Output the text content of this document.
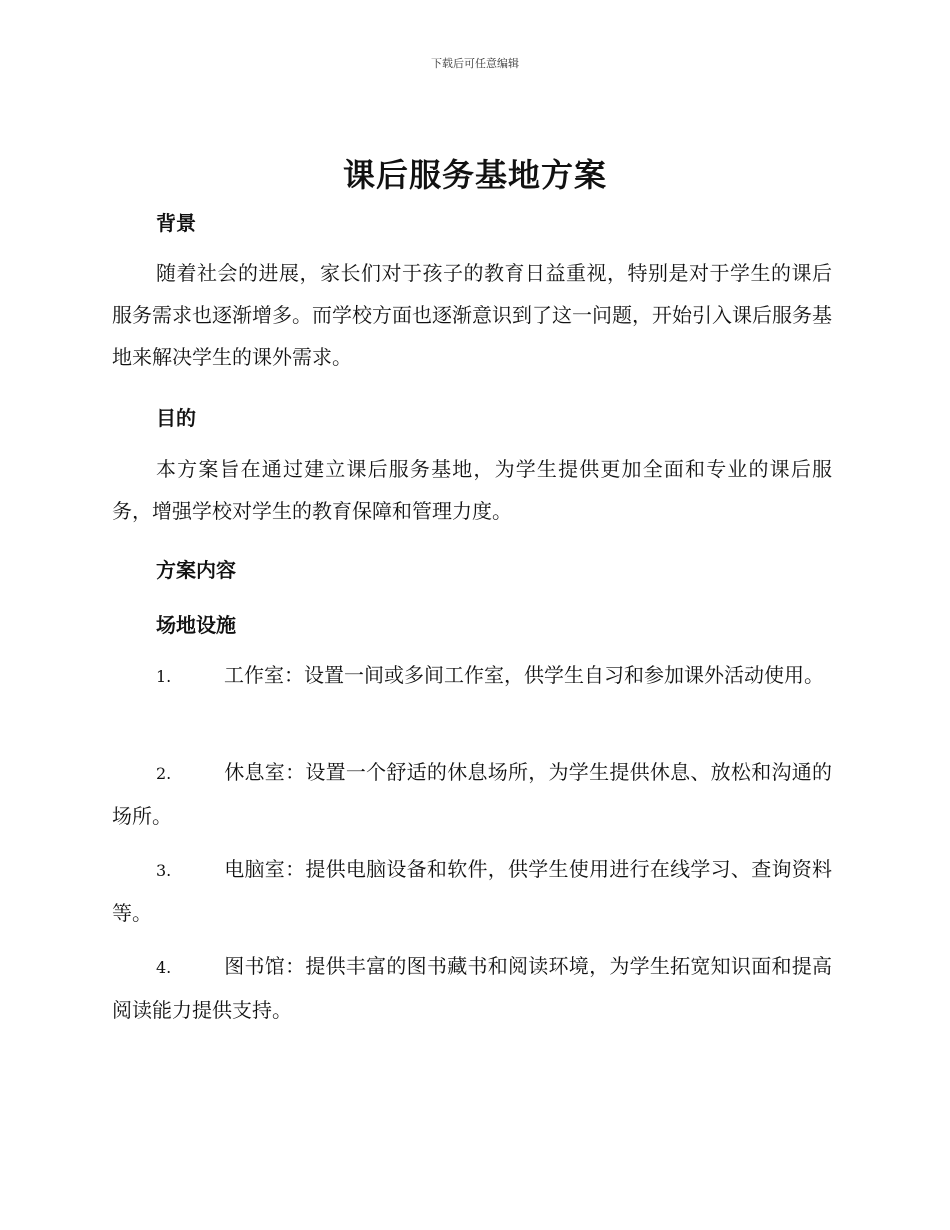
下载后可任意编辑
课后服务基地方案
背景
随着社会的进展，家长们对于孩子的教育日益重视，特别是对于学生的课后服务需求也逐渐增多。而学校方面也逐渐意识到了这一问题，开始引入课后服务基地来解决学生的课外需求。
目的
本方案旨在通过建立课后服务基地，为学生提供更加全面和专业的课后服务，增强学校对学生的教育保障和管理力度。
方案内容
场地设施
1.	工作室：设置一间或多间工作室，供学生自习和参加课外活动使用。
2.	休息室：设置一个舒适的休息场所，为学生提供休息、放松和沟通的场所。
3.	电脑室：提供电脑设备和软件，供学生使用进行在线学习、查询资料等。
4.	图书馆：提供丰富的图书藏书和阅读环境，为学生拓宽知识面和提高阅读能力提供支持。
